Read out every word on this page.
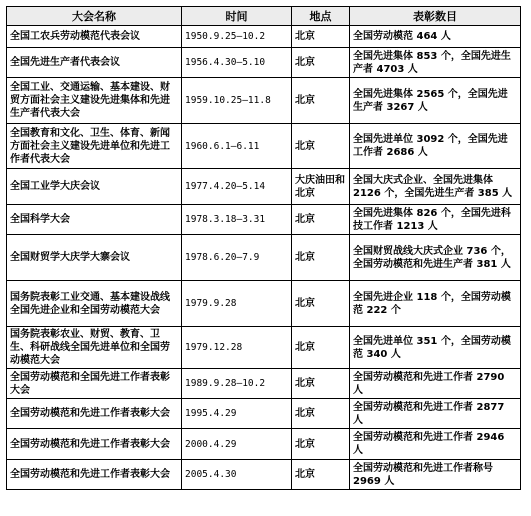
大会名称	时间	地点	表彰数目
全国工农兵劳动模范代表会议	1950.9.25—10.2	北京	全国劳动模范 464 人
全国先进生产者代表会议	1956.4.30—5.10	北京	全国先进集体 853 个，全国先进生产者 4703 人
全国工业、交通运输、基本建设、财贸方面社会主义建设先进集体和先进生产者代表大会	1959.10.25—11.8	北京	全国先进集体 2565 个，全国先进生产者 3267 人
全国教育和文化、卫生、体育、新闻方面社会主义建设先进单位和先进工作者代表大会	1960.6.1—6.11	北京	全国先进单位 3092 个，全国先进工作者 2686 人
全国工业学大庆会议	1977.4.20—5.14	大庆油田和北京	全国大庆式企业、全国先进集体 2126 个，全国先进生产者 385 人
全国科学大会	1978.3.18—3.31	北京	全国先进集体 826 个，全国先进科技工作者 1213 人
全国财贸学大庆学大寨会议	1978.6.20—7.9	北京	全国财贸战线大庆式企业 736 个，全国劳动模范和先进生产者 381 人
国务院表彰工业交通、基本建设战线全国先进企业和全国劳动模范大会	1979.9.28	北京	全国先进企业 118 个，全国劳动模范 222 个
国务院表彰农业、财贸、教育、卫生、科研战线全国先进单位和全国劳动模范大会	1979.12.28	北京	全国先进单位 351 个，全国劳动模范 340 人
全国劳动模范和全国先进工作者表彰大会	1989.9.28—10.2	北京	全国劳动模范和先进工作者 2790 人
全国劳动模范和先进工作者表彰大会	1995.4.29	北京	全国劳动模范和先进工作者 2877 人
全国劳动模范和先进工作者表彰大会	2000.4.29	北京	全国劳动模范和先进工作者 2946 人
全国劳动模范和先进工作者表彰大会	2005.4.30	北京	全国劳动模范和先进工作者称号 2969 人
